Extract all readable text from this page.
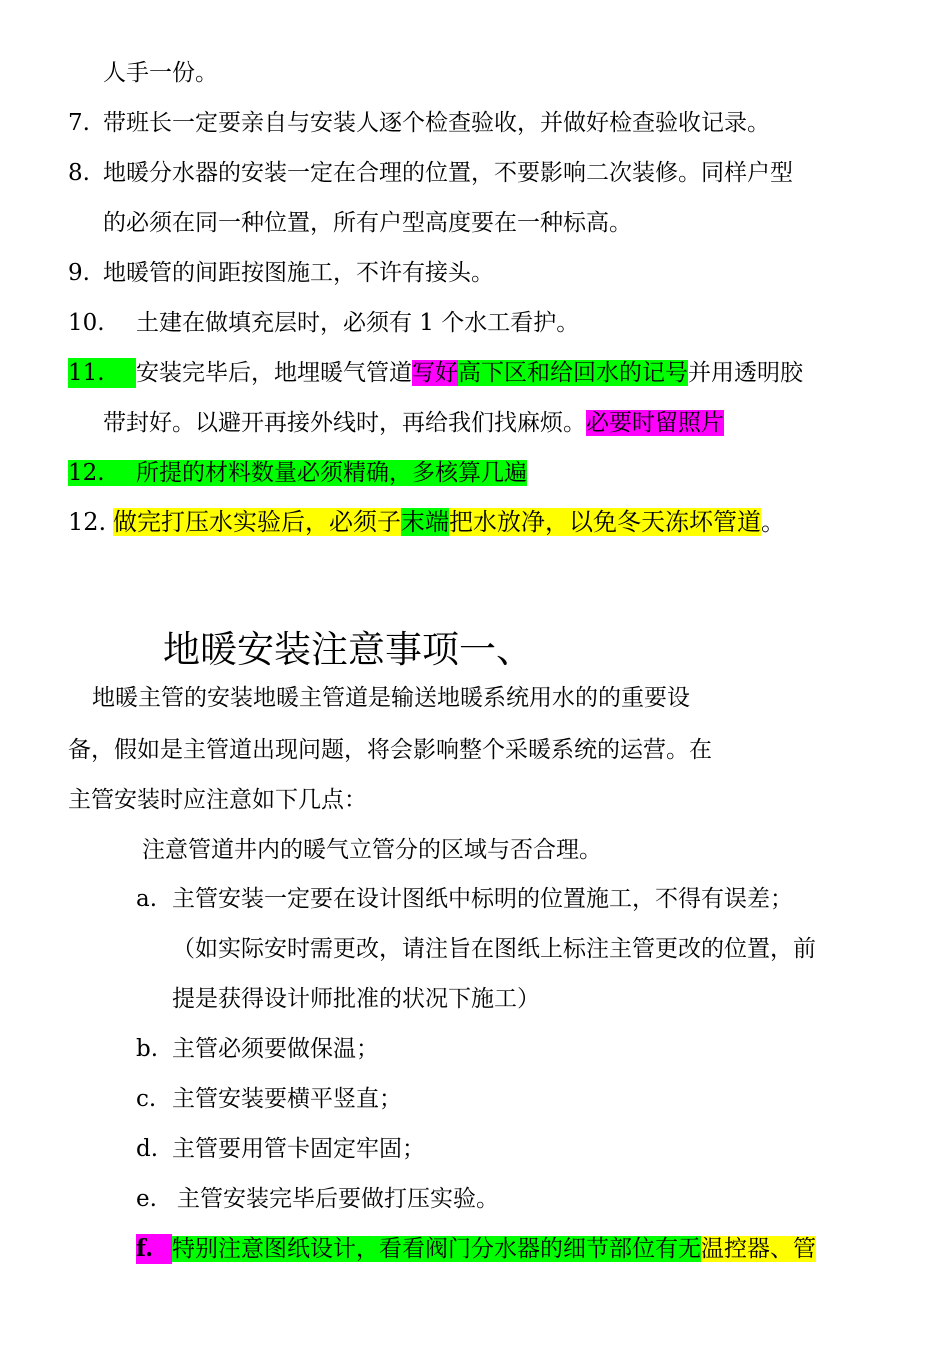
人手一份。
7. 带班长一定要亲自与安装人逐个检查验收，并做好检查验收记录。
8. 地暖分水器的安装一定在合理的位置，不要影响二次装修。同样户型
的必须在同一种位置，所有户型高度要在一种标高。
9. 地暖管的间距按图施工，不许有接头。
10. 土建在做填充层时，必须有 1 个水工看护。
11. 安装完毕后，地埋暖气管道写好高下区和给回水的记号并用透明胶
带封好。以避开再接外线时，再给我们找麻烦。必要时留照片
12. 所提的材料数量必须精确，多核算几遍
12. 做完打压水实验后，必须子末端把水放净，以免冬天冻坏管道。
地暖安装注意事项一、
地暖主管的安装地暖主管道是输送地暖系统用水的的重要设
备，假如是主管道出现问题，将会影响整个采暖系统的运营。在
主管安装时应注意如下几点：
注意管道井内的暖气立管分的区域与否合理。
a. 主管安装一定要在设计图纸中标明的位置施工，不得有误差；
（如实际安时需更改，请注旨在图纸上标注主管更改的位置，前
提是获得设计师批准的状况下施工）
b. 主管必须要做保温；
c. 主管安装要横平竖直；
d. 主管要用管卡固定牢固；
e. 主管安装完毕后要做打压实验。
f. 特别注意图纸设计，看看阀门分水器的细节部位有无温控器、管
